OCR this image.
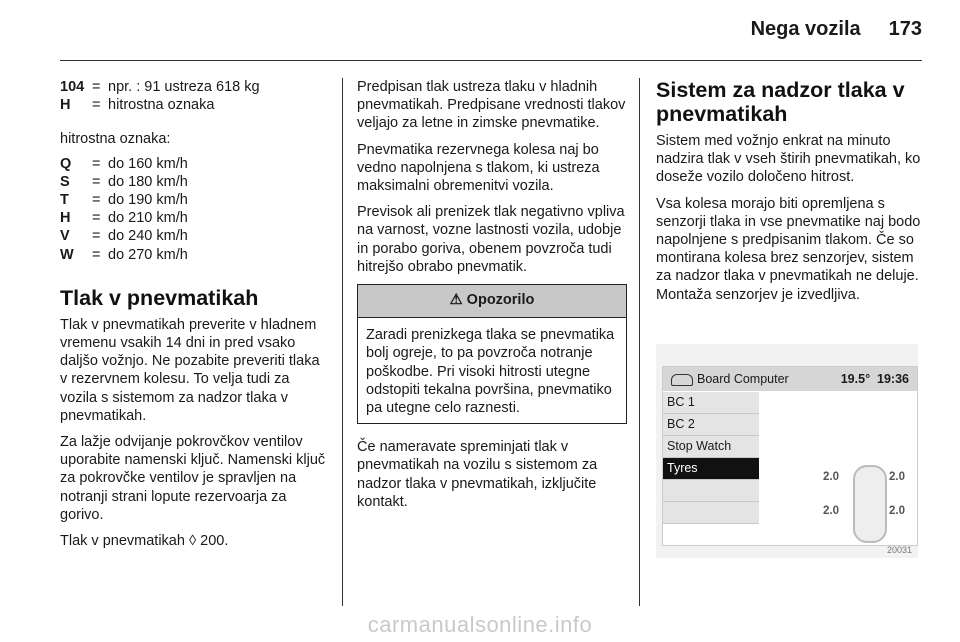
Nega vozila 173
104 = npr. : 91 ustreza 618 kg
H	= hitrostna oznaka

hitrostna oznaka:

Q	= do 160 km/h
S	= do 180 km/h
T	= do 190 km/h
H	= do 210 km/h
V	= do 240 km/h
W	= do 270 km/h
Tlak v pnevmatikah

Tlak v pnevmatikah preverite v hladnem vremenu vsakih 14 dni in pred vsako daljšo vožnjo. Ne pozabite preveriti tlaka v rezervnem kolesu. To velja tudi za vozila s sistemom za nadzor tlaka v pnevmatikah.

Za lažje odvijanje pokrovčkov ventilov uporabite namenski ključ. Namenski ključ za pokrovčke ventilov je spravljen na notranji strani lopute rezervoarja za gorivo.

Tlak v pnevmatikah ◊ 200.

Predpisan tlak ustreza tlaku v hladnih pnevmatikah. Predpisane vrednosti tlakov veljajo za letne in zimske pnevmatike.

Pnevmatika rezervnega kolesa naj bo vedno napolnjena s tlakom, ki ustreza maksimalni obremenitvi vozila.

Previsok ali prenizek tlak negativno vpliva na varnost, vozne lastnosti vozila, udobje in porabo goriva, obenem povzroča tudi hitrejšo obrabo pnevmatik.

⚠ Opozorilo
Zaradi prenizkega tlaka se pnevmatika bolj ogreje, to pa povzroča notranje poškodbe. Pri visoki hitrosti utegne odstopiti tekalna površina, pnevmatiko pa utegne celo raznesti.

Če nameravate spreminjati tlak v pnevmatikah na vozilu s sistemom za nadzor tlaka v pnevmatikah, izključite kontakt.

Sistem za nadzor tlaka v pnevmatikah

Sistem med vožnjo enkrat na minuto nadzira tlak v vseh štirih pnevmatikah, ko doseže vozilo določeno hitrost.

Vsa kolesa morajo biti opremljena s senzorji tlaka in vse pnevmatike naj bodo napolnjene s predpisanim tlakom. Če so montirana kolesa brez senzorjev, sistem za nadzor tlaka v pnevmatikah ne deluje. Montaža senzorjev je izvedljiva.

Board Computer	19.5° 19:36
BC 1
BC 2
Stop Watch
Tyres
2.0	2.0
2.0	2.0
20031
carmanualsonline.info
